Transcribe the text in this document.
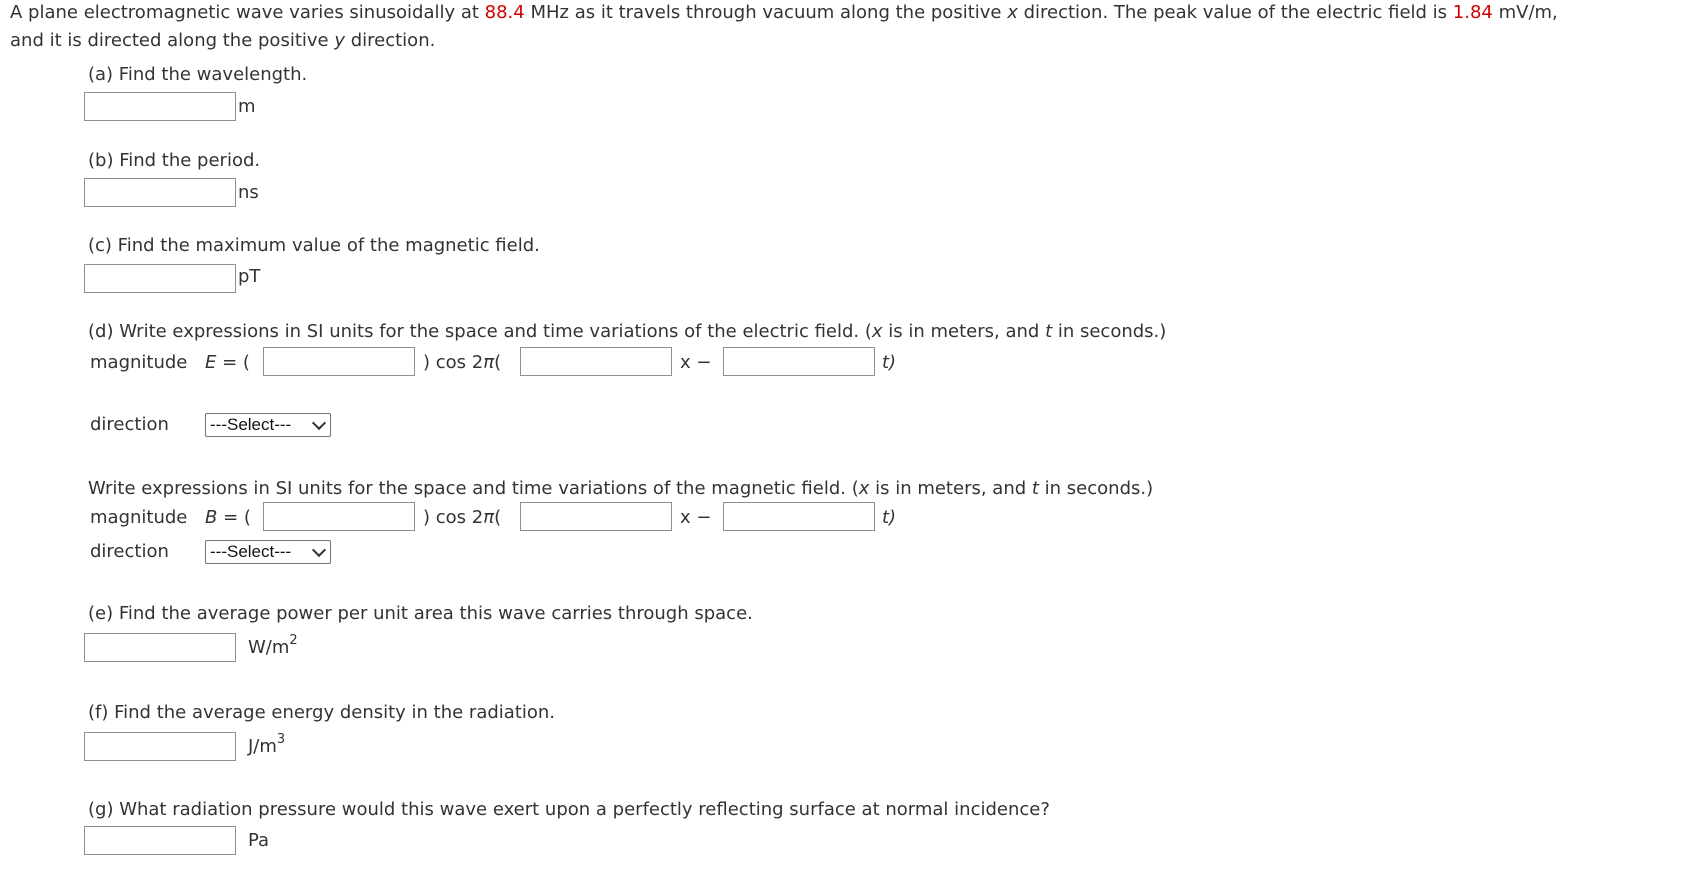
A plane electromagnetic wave varies sinusoidally at 88.4 MHz as it travels through vacuum along the positive x direction. The peak value of the electric field is 1.84 mV/m,
and it is directed along the positive y direction.
(a) Find the wavelength.
m
(b) Find the period.
ns
(c) Find the maximum value of the magnetic field.
pT
(d) Write expressions in SI units for the space and time variations of the electric field. (x is in meters, and t in seconds.)
magnitude E = (	) cos 2π(	x −	t)
direction ---Select---
Write expressions in SI units for the space and time variations of the magnetic field. (x is in meters, and t in seconds.)
magnitude B = (	) cos 2π(	x −	t)
direction ---Select---
(e) Find the average power per unit area this wave carries through space.
$W/m^2$
(f) Find the average energy density in the radiation.
$J/m^3$
(g) What radiation pressure would this wave exert upon a perfectly reflecting surface at normal incidence?
Pa
